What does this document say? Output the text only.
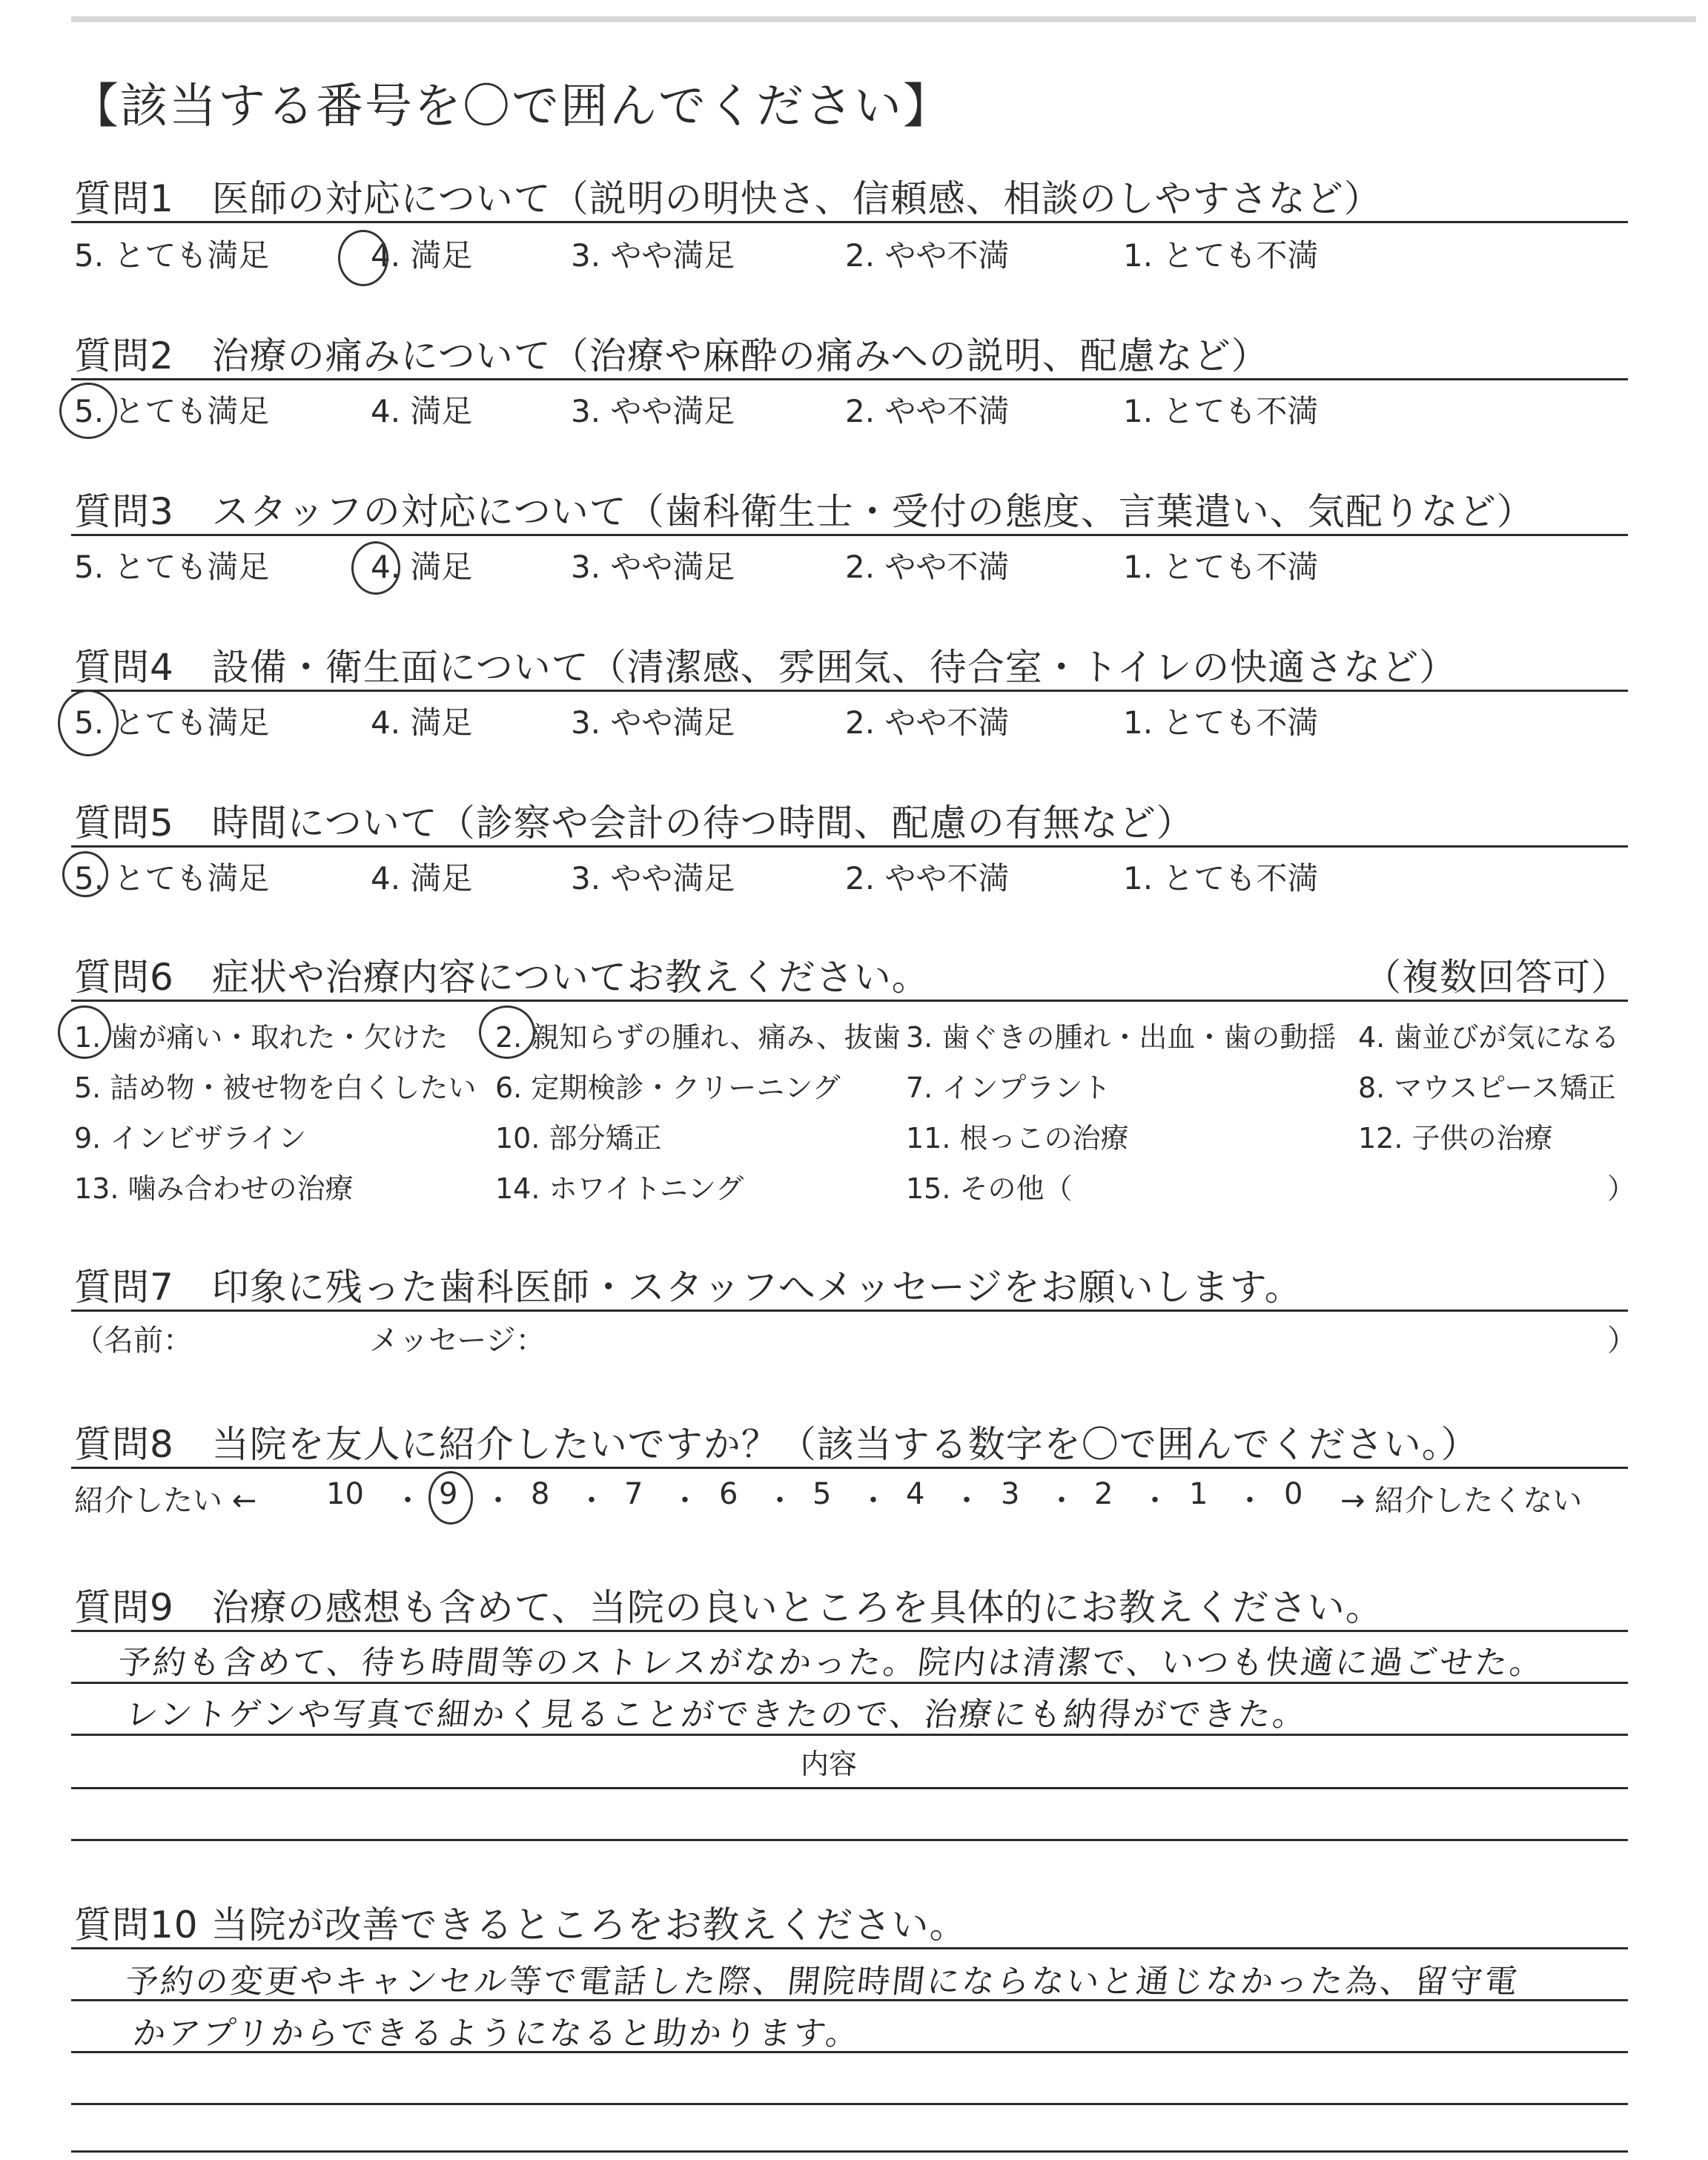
【該当する番号を〇で囲んでください】
質問1　医師の対応について（説明の明快さ、信頼感、相談のしやすさなど）
5. とても満足	4. 満足	3. やや満足	2. やや不満	1. とても不満
質問2　治療の痛みについて（治療や麻酔の痛みへの説明、配慮など）
5. とても満足	4. 満足	3. やや満足	2. やや不満	1. とても不満
質問3　スタッフの対応について（歯科衛生士・受付の態度、言葉遣い、気配りなど）
5. とても満足	4. 満足	3. やや満足	2. やや不満	1. とても不満
質問4　設備・衛生面について（清潔感、雰囲気、待合室・トイレの快適さなど）
5. とても満足	4. 満足	3. やや満足	2. やや不満	1. とても不満
質問5　時間について（診察や会計の待つ時間、配慮の有無など）
5. とても満足	4. 満足	3. やや満足	2. やや不満	1. とても不満
質問6　症状や治療内容についてお教えください。	（複数回答可）
1. 歯が痛い・取れた・欠けた 2. 親知らずの腫れ、痛み、抜歯 3. 歯ぐきの腫れ・出血・歯の動揺 4. 歯並びが気になる
5. 詰め物・被せ物を白くしたい 6. 定期検診・クリーニング 7. インプラント	8. マウスピース矯正
9. インビザライン	10. 部分矯正	11. 根っこの治療	12. 子供の治療
13. 噛み合わせの治療	14. ホワイトニング	15. その他（	）
質問7　印象に残った歯科医師・スタッフへメッセージをお願いします。
（名前：	メッセージ：	）
質問8　当院を友人に紹介したいですか？（該当する数字を〇で囲んでください。）
紹介したい ← 10 ・ 9 ・ 8 ・ 7 ・ 6 ・ 5 ・ 4 ・ 3 ・ 2 ・ 1 ・ 0 → 紹介したくない
質問9　治療の感想も含めて、当院の良いところを具体的にお教えください。
予約も含めて、待ち時間等のストレスがなかった。院内は清潔で、いつも快適に過ごせた。
レントゲンや写真で細かく見ることができたので、治療にも納得ができた。
内容
質問10 当院が改善できるところをお教えください。
予約の変更やキャンセル等で電話した際、開院時間にならないと通じなかった為、留守電
かアプリからできるようになると助かります。
